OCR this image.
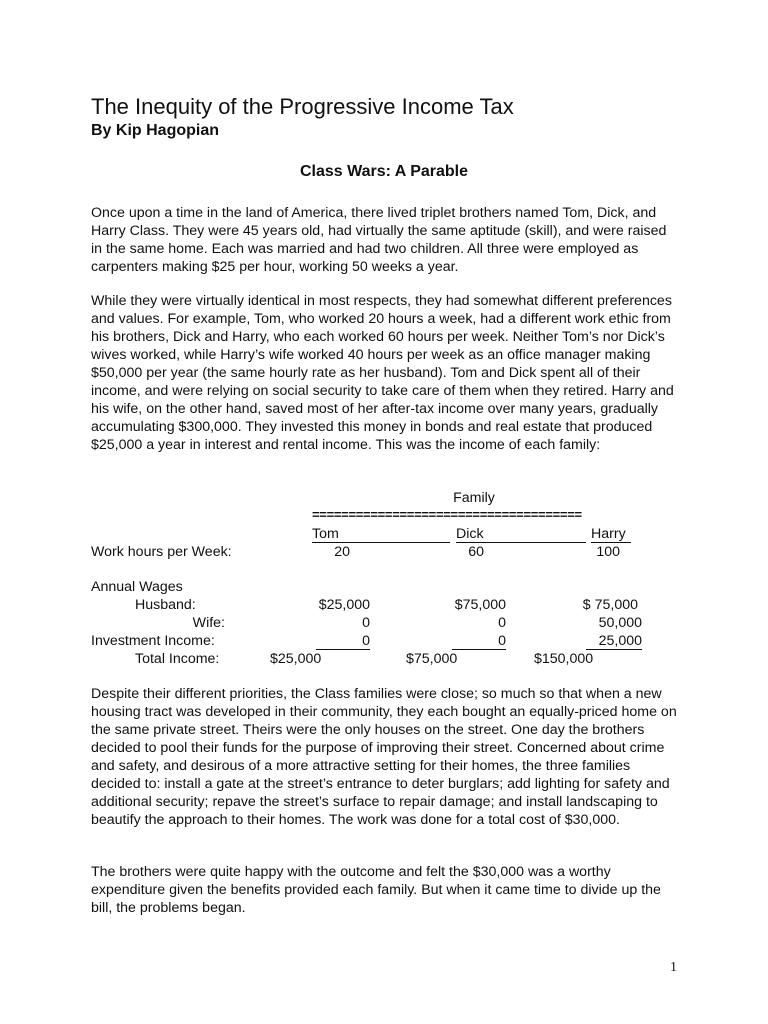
The Inequity of the Progressive Income Tax
By Kip Hagopian
Class Wars: A Parable

Once upon a time in the land of America, there lived triplet brothers named Tom, Dick, and Harry Class. They were 45 years old, had virtually the same aptitude (skill), and were raised in the same home. Each was married and had two children. All three were employed as carpenters making $25 per hour, working 50 weeks a year.

While they were virtually identical in most respects, they had somewhat different preferences and values. For example, Tom, who worked 20 hours a week, had a different work ethic from his brothers, Dick and Harry, who each worked 60 hours per week. Neither Tom’s nor Dick’s wives worked, while Harry’s wife worked 40 hours per week as an office manager making $50,000 per year (the same hourly rate as her husband). Tom and Dick spent all of their income, and were relying on social security to take care of them when they retired. Harry and his wife, on the other hand, saved most of her after-tax income over many years, gradually accumulating $300,000. They invested this money in bonds and real estate that produced $25,000 a year in interest and rental income. This was the income of each family:

Family
=====================================
Tom	Dick	Harry
Work hours per Week:	20	60	100
Annual Wages
Husband:	$25,000	$75,000	$ 75,000
Wife:	0	0	50,000
Investment Income:	0	0	25,000
Total Income:	$25,000	$75,000	$150,000

Despite their different priorities, the Class families were close; so much so that when a new housing tract was developed in their community, they each bought an equally-priced home on the same private street. Theirs were the only houses on the street. One day the brothers decided to pool their funds for the purpose of improving their street. Concerned about crime and safety, and desirous of a more attractive setting for their homes, the three families decided to: install a gate at the street’s entrance to deter burglars; add lighting for safety and additional security; repave the street’s surface to repair damage; and install landscaping to beautify the approach to their homes. The work was done for a total cost of $30,000.

The brothers were quite happy with the outcome and felt the $30,000 was a worthy expenditure given the benefits provided each family. But when it came time to divide up the bill, the problems began.

1
